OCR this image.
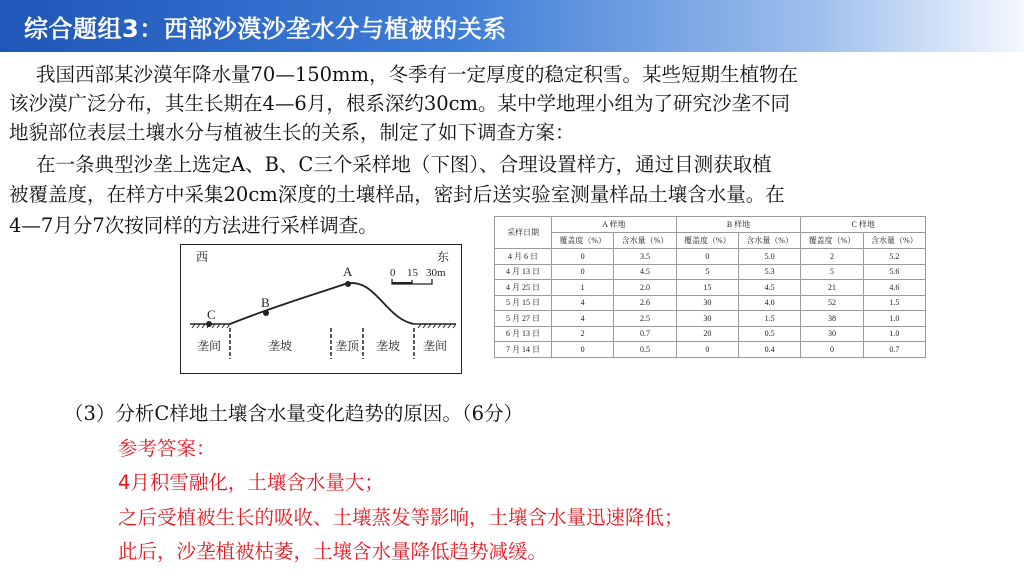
综合题组3：西部沙漠沙垄水分与植被的关系
我国西部某沙漠年降水量70—150mm，冬季有一定厚度的稳定积雪。某些短期生植物在
该沙漠广泛分布，其生长期在4—6月，根系深约30cm。某中学地理小组为了研究沙垄不同
地貌部位表层土壤水分与植被生长的关系，制定了如下调查方案：
在一条典型沙垄上选定A、B、C三个采样地（下图）、合理设置样方，通过目测获取植
被覆盖度，在样方中采集20cm深度的土壤样品，密封后送实验室测量样品土壤含水量。在
4—7月分7次按同样的方法进行采样调查。
西	东
0 15 30m
A
B
C
垄间	垄坡	垄顶 垄坡 垄间
采样日期	A 样地		B 样地		C 样地	
	覆盖度（%）	含水量（%）	覆盖度（%）	含水量（%）	覆盖度（%）	含水量（%）
4 月 6 日	0	3.5	0	5.0	2	5.2
4 月 13 日	0	4.5	5	5.3	5	5.6
4 月 25 日	1	2.0	15	4.5	21	4.6
5 月 15 日	4	2.6	30	4.0	52	1.5
5 月 27 日	4	2.5	30	1.5	38	1.0
6 月 13 日	2	0.7	20	0.5	30	1.0
7 月 14 日	0	0.5	0	0.4	0	0.7
（3）分析C样地土壤含水量变化趋势的原因。（6分）
参考答案：
4月积雪融化，土壤含水量大；
之后受植被生长的吸收、土壤蒸发等影响，土壤含水量迅速降低；
此后，沙垄植被枯萎，土壤含水量降低趋势减缓。
